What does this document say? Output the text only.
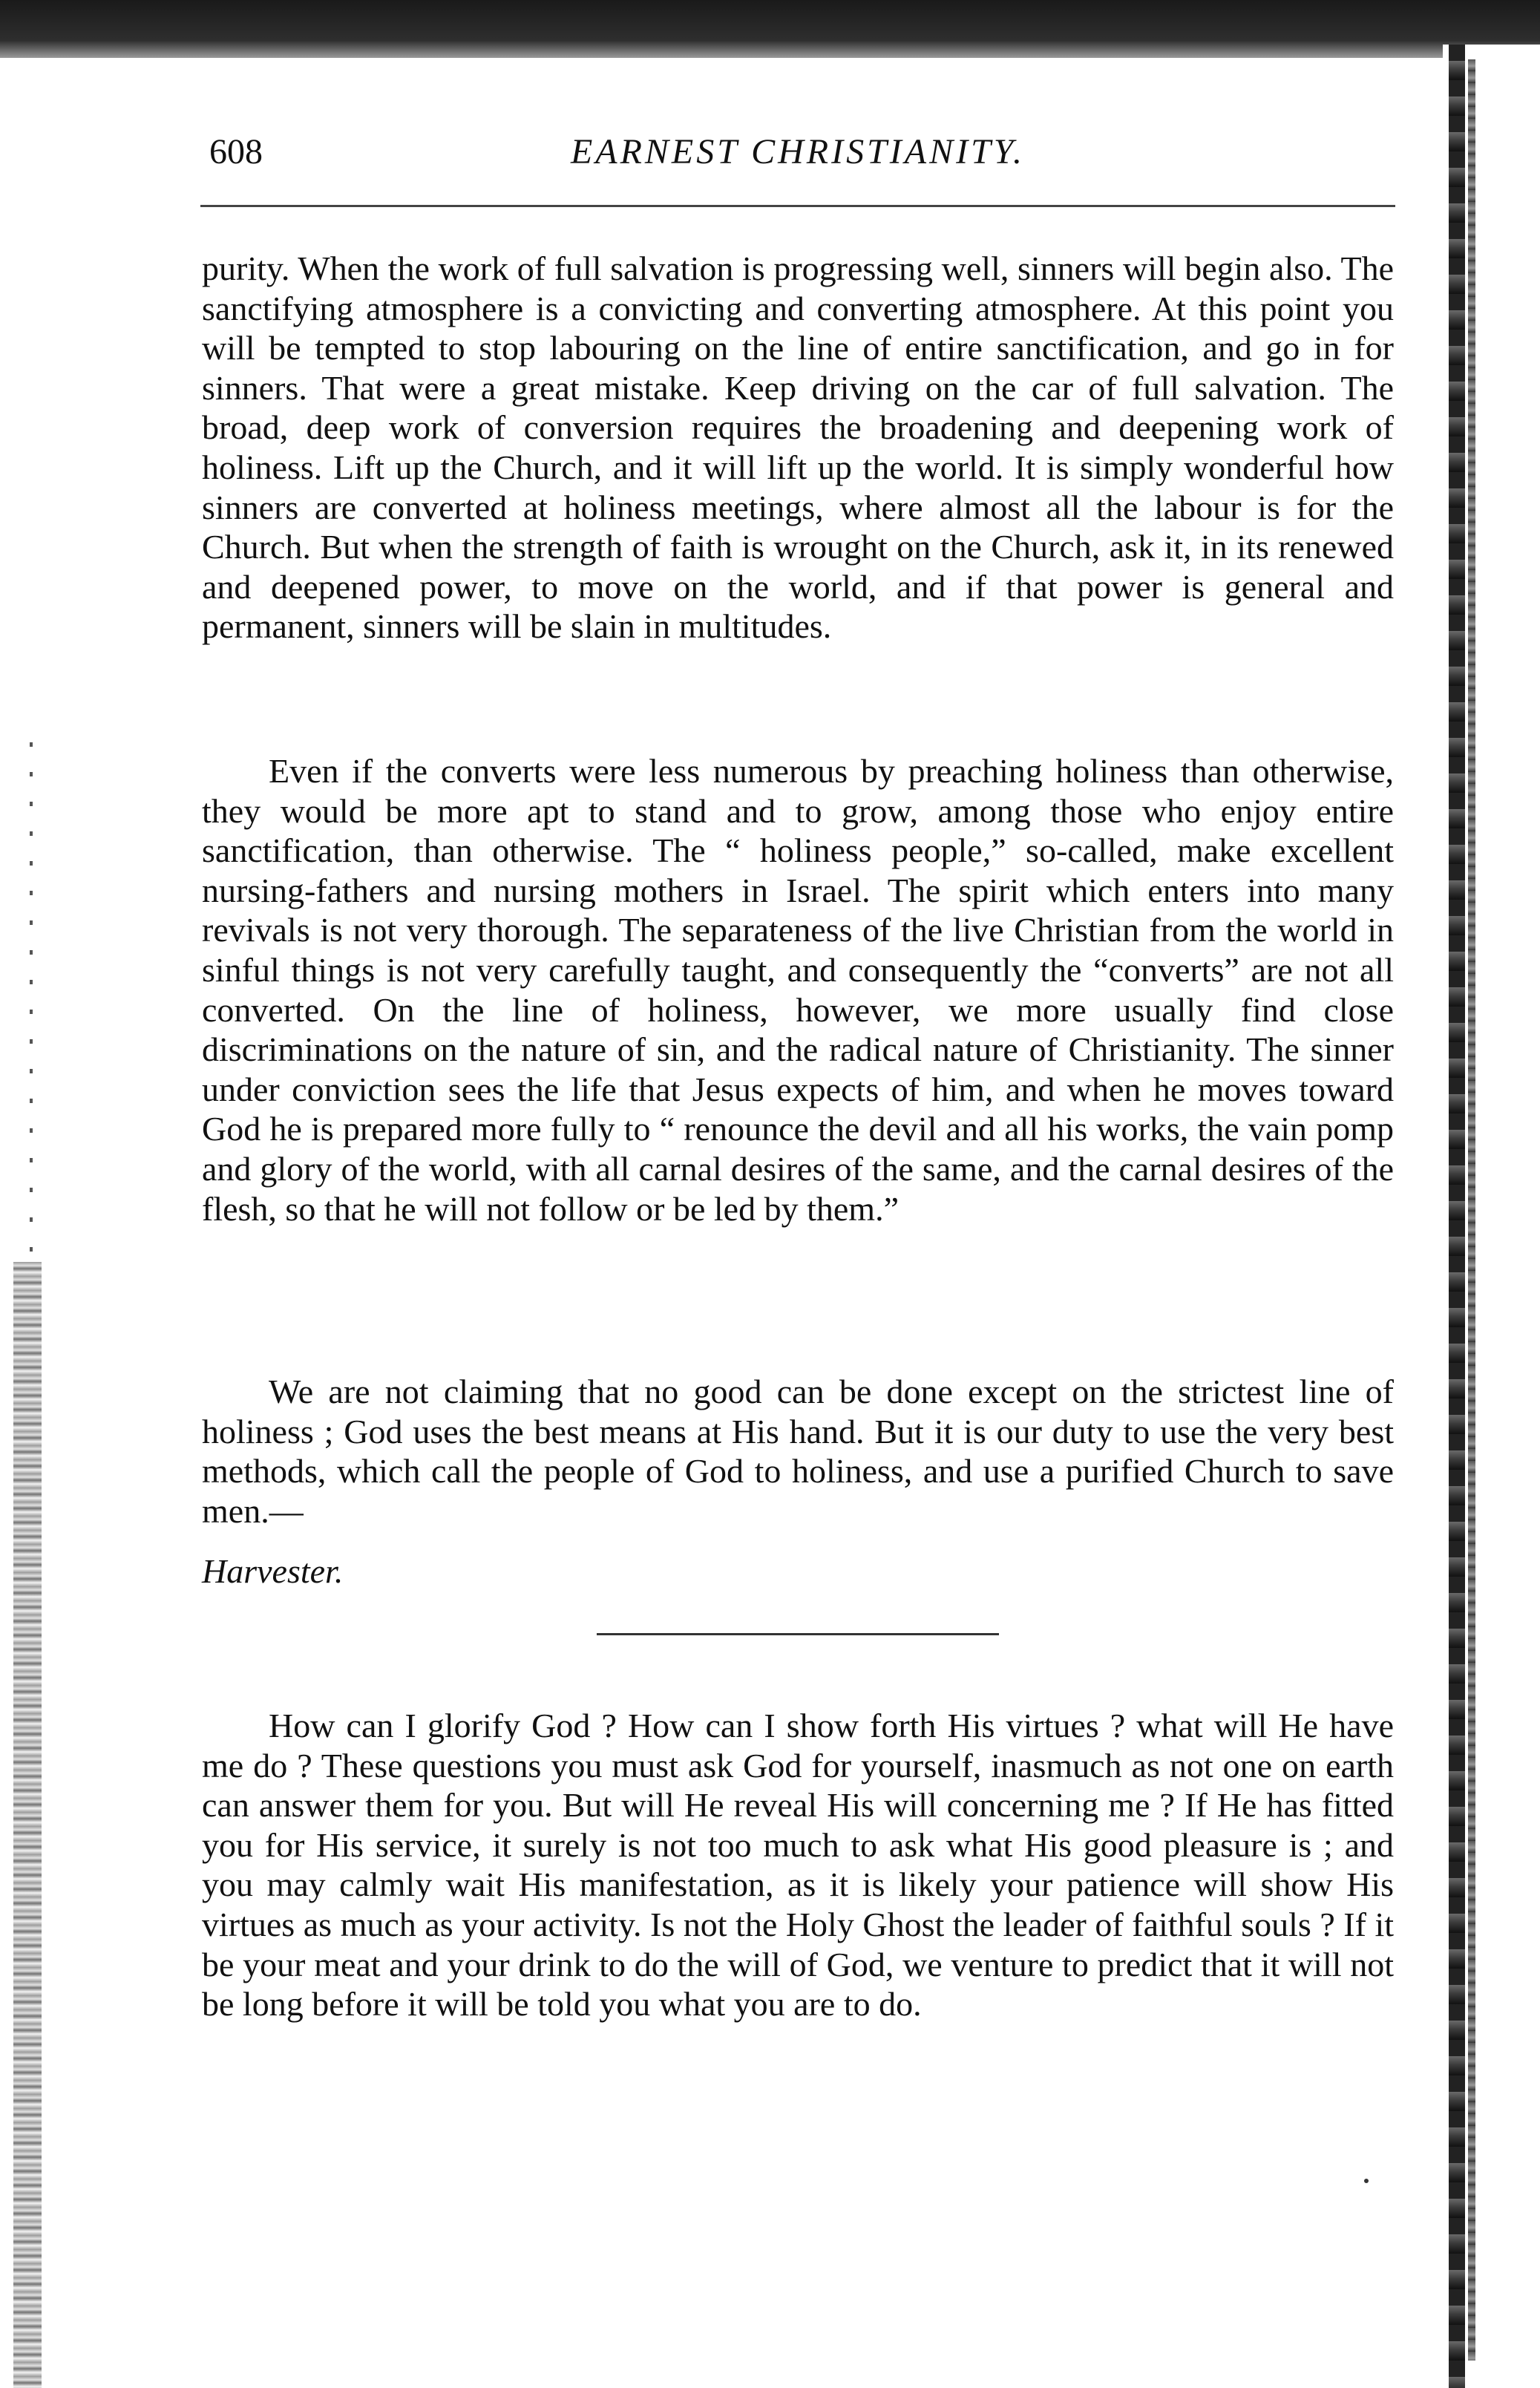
608	EARNEST CHRISTIANITY.

purity. When the work of full salvation is progressing well, sinners will begin also. The sanctifying atmosphere is a convicting and converting atmosphere. At this point you will be tempted to stop labouring on the line of entire sanctification, and go in for sinners. That were a great mistake. Keep driving on the car of full salvation. The broad, deep work of conversion requires the broadening and deepening work of holiness. Lift up the Church, and it will lift up the world. It is simply wonderful how sinners are converted at holiness meetings, where almost all the labour is for the Church. But when the strength of faith is wrought on the Church, ask it, in its renewed and deepened power, to move on the world, and if that power is general and permanent, sinners will be slain in multitudes.

Even if the converts were less numerous by preaching holiness than otherwise, they would be more apt to stand and to grow, among those who enjoy entire sanctification, than otherwise. The “ holiness people,” so-called, make excellent nursing-fathers and nursing mothers in Israel. The spirit which enters into many revivals is not very thorough. The separateness of the live Christian from the world in sinful things is not very carefully taught, and consequently the “converts” are not all converted. On the line of holiness, however, we more usually find close discriminations on the nature of sin, and the radical nature of Christianity. The sinner under conviction sees the life that Jesus expects of him, and when he moves toward God he is prepared more fully to “ renounce the devil and all his works, the vain pomp and glory of the world, with all carnal desires of the same, and the carnal desires of the flesh, so that he will not follow or be led by them.”

We are not claiming that no good can be done except on the strictest line of holiness ; God uses the best means at His hand. But it is our duty to use the very best methods, which call the people of God to holiness, and use a purified Church to save men.—

Harvester.

How can I glorify God ? How can I show forth His virtues ? what will He have me do ? These questions you must ask God for yourself, inasmuch as not one on earth can answer them for you. But will He reveal His will concerning me ? If He has fitted you for His service, it surely is not too much to ask what His good pleasure is ; and you may calmly wait His manifestation, as it is likely your patience will show His virtues as much as your activity. Is not the Holy Ghost the leader of faithful souls ? If it be your meat and your drink to do the will of God, we venture to predict that it will not be long before it will be told you what you are to do.
